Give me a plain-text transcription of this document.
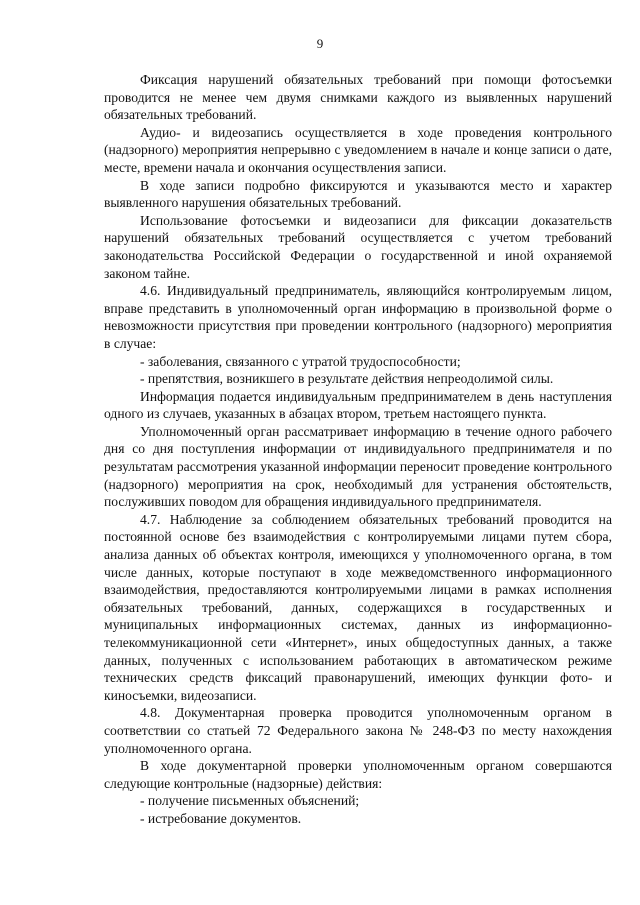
9

Фиксация нарушений обязательных требований при помощи фотосъемки проводится не менее чем двумя снимками каждого из выявленных нарушений обязательных требований.

Аудио- и видеозапись осуществляется в ходе проведения контрольного (надзорного) мероприятия непрерывно с уведомлением в начале и конце записи о дате, месте, времени начала и окончания осуществления записи.

В ходе записи подробно фиксируются и указываются место и характер выявленного нарушения обязательных требований.

Использование фотосъемки и видеозаписи для фиксации доказательств нарушений обязательных требований осуществляется с учетом требований законодательства Российской Федерации о государственной и иной охраняемой законом тайне.

4.6. Индивидуальный предприниматель, являющийся контролируемым лицом, вправе представить в уполномоченный орган информацию в произвольной форме о невозможности присутствия при проведении контрольного (надзорного) мероприятия в случае:

- заболевания, связанного с утратой трудоспособности;

- препятствия, возникшего в результате действия непреодолимой силы.

Информация подается индивидуальным предпринимателем в день наступления одного из случаев, указанных в абзацах втором, третьем настоящего пункта.

Уполномоченный орган рассматривает информацию в течение одного рабочего дня со дня поступления информации от индивидуального предпринимателя и по результатам рассмотрения указанной информации переносит проведение контрольного (надзорного) мероприятия на срок, необходимый для устранения обстоятельств, послуживших поводом для обращения индивидуального предпринимателя.

4.7. Наблюдение за соблюдением обязательных требований проводится на постоянной основе без взаимодействия с контролируемыми лицами путем сбора, анализа данных об объектах контроля, имеющихся у уполномоченного органа, в том числе данных, которые поступают в ходе межведомственного информационного взаимодействия, предоставляются контролируемыми лицами в рамках исполнения обязательных требований, данных, содержащихся в государственных и муниципальных информационных системах, данных из информационно-телекоммуникационной сети «Интернет», иных общедоступных данных, а также данных, полученных с использованием работающих в автоматическом режиме технических средств фиксаций правонарушений, имеющих функции фото- и киносъемки, видеозаписи.

4.8. Документарная проверка проводится уполномоченным органом в соответствии со статьей 72 Федерального закона № 248-ФЗ по месту нахождения уполномоченного органа.

В ходе документарной проверки уполномоченным органом совершаются следующие контрольные (надзорные) действия:

- получение письменных объяснений;

- истребование документов.
